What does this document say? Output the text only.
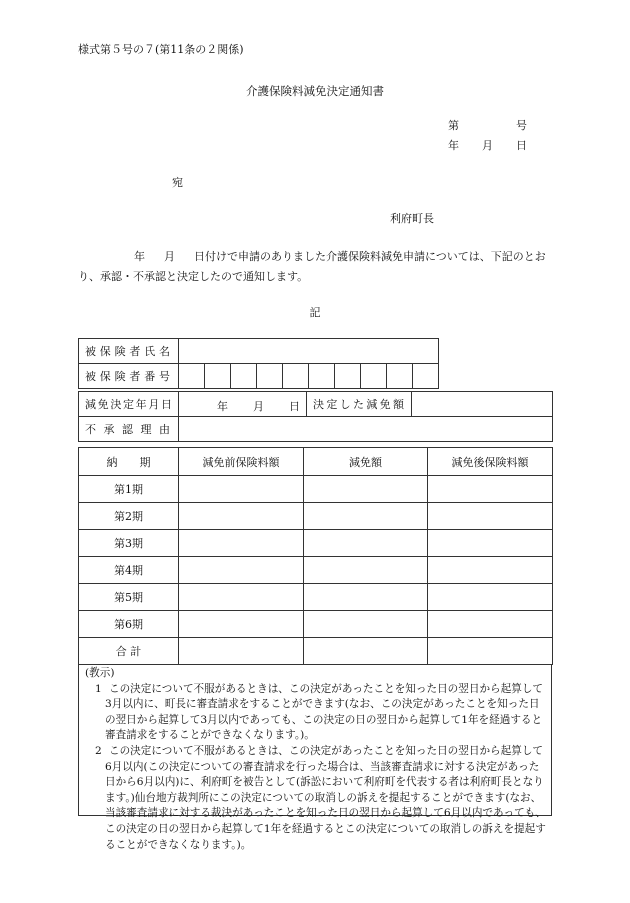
様式第５号の７(第11条の２関係)
介護保険料減免決定通知書
第	号
年 月 日
宛
利府町長
年 月 日付けで申請のありました介護保険料減免申請については、下記のとおり、承認・不承認と決定したので通知します。
記
被保険者氏名											
被保険者番号											
減免決定年月日	年 月 日	決定した減免額	
不承認理由			
納　　期	減免前保険料額	減免額	減免後保険料額
第1期			
第2期			
第3期			
第4期			
第5期			
第6期			
合 計			
(教示)
1 この決定について不服があるときは、この決定があったことを知った日の翌日から起算して3月以内に、町長に審査請求をすることができます(なお、この決定があったことを知った日の翌日から起算して3月以内であっても、この決定の日の翌日から起算して1年を経過すると審査請求をすることができなくなります。)。
2 この決定について不服があるときは、この決定があったことを知った日の翌日から起算して6月以内(この決定についての審査請求を行った場合は、当該審査請求に対する決定があった日から6月以内)に、利府町を被告として(訴訟において利府町を代表する者は利府町長となります。)仙台地方裁判所にこの決定についての取消しの訴えを提起することができます(なお、当該審査請求に対する裁決があったことを知った日の翌日から起算して6月以内であっても、この決定の日の翌日から起算して1年を経過するとこの決定についての取消しの訴えを提起することができなくなります。)。
